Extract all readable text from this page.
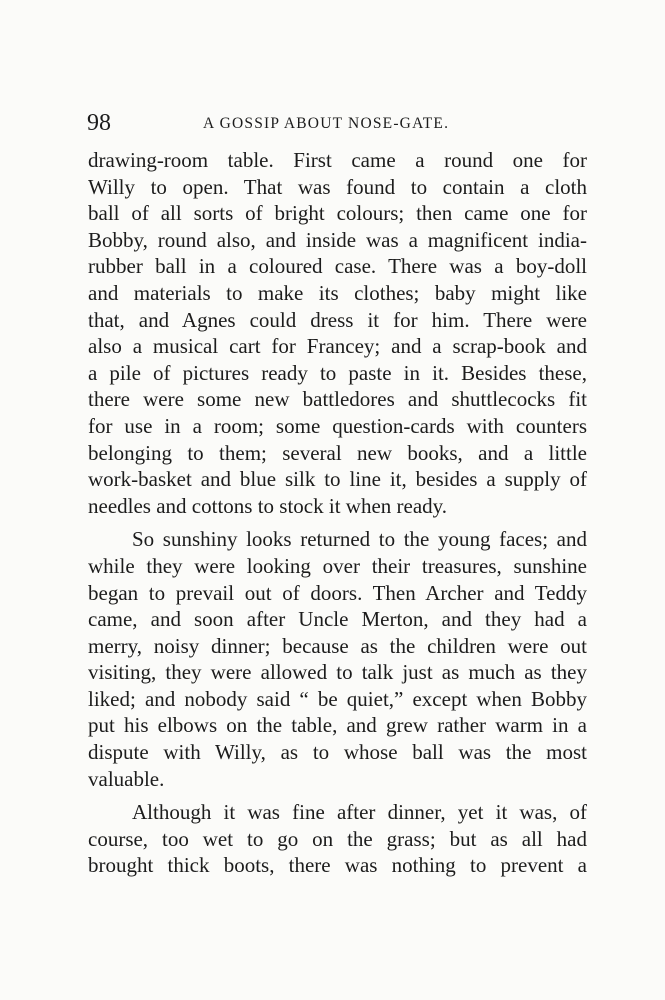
98	A GOSSIP ABOUT NOSE-GATE.
drawing-room table. First came a round one for
Willy to open. That was found to contain a cloth
ball of all sorts of bright colours; then came one for
Bobby, round also, and inside was a magnificent india-
rubber ball in a coloured case. There was a boy-doll
and materials to make its clothes; baby might like
that, and Agnes could dress it for him. There were
also a musical cart for Francey; and a scrap-book and
a pile of pictures ready to paste in it. Besides these,
there were some new battledores and shuttlecocks fit
for use in a room; some question-cards with counters
belonging to them; several new books, and a little
work-basket and blue silk to line it, besides a supply of
needles and cottons to stock it when ready.
So sunshiny looks returned to the young faces; and
while they were looking over their treasures, sunshine
began to prevail out of doors. Then Archer and Teddy
came, and soon after Uncle Merton, and they had a
merry, noisy dinner; because as the children were out
visiting, they were allowed to talk just as much as they
liked; and nobody said “ be quiet,” except when Bobby
put his elbows on the table, and grew rather warm in a
dispute with Willy, as to whose ball was the most
valuable.
Although it was fine after dinner, yet it was, of
course, too wet to go on the grass; but as all had
brought thick boots, there was nothing to prevent a
